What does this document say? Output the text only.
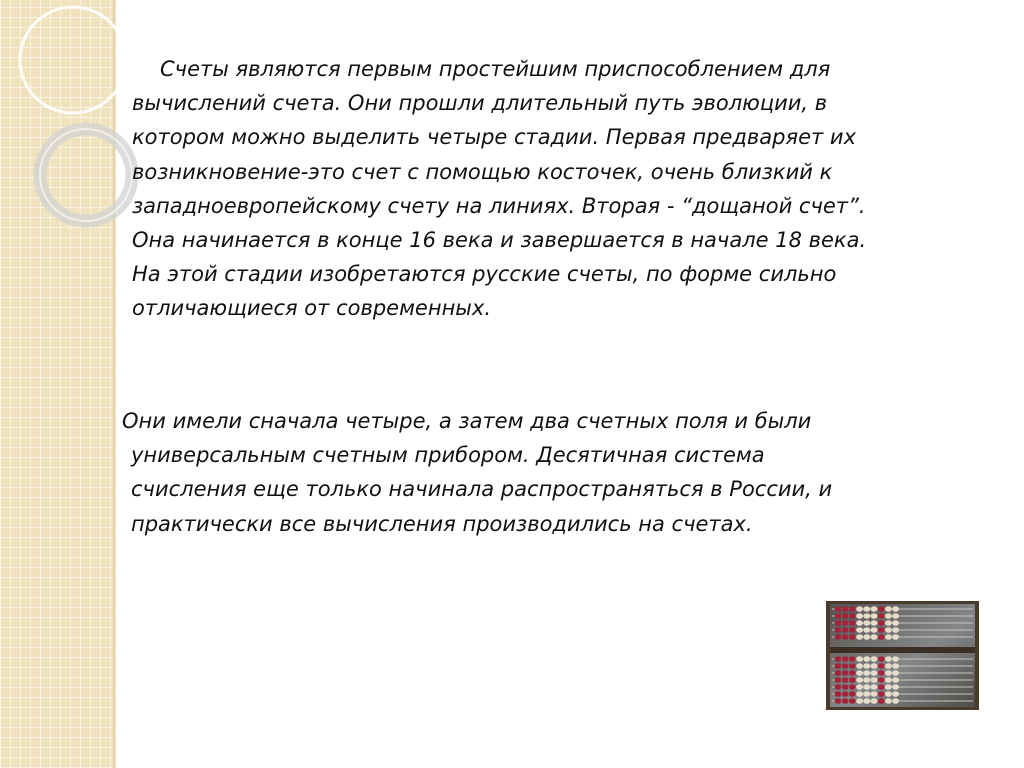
Счеты являются первым простейшим приспособлением для
вычислений счета. Они прошли длительный путь эволюции, в
котором можно выделить четыре стадии. Первая предваряет их
возникновение-это счет с помощью косточек, очень близкий к
западноевропейскому счету на линиях. Вторая - “дощаной счет”.
Она начинается в конце 16 века и завершается в начале 18 века.
На этой стадии изобретаются русские счеты, по форме сильно
отличающиеся от современных.

Они имели сначала четыре, а затем два счетных поля и были
универсальным счетным прибором. Десятичная система
счисления еще только начинала распространяться в России, и
практически все вычисления производились на счетах.
